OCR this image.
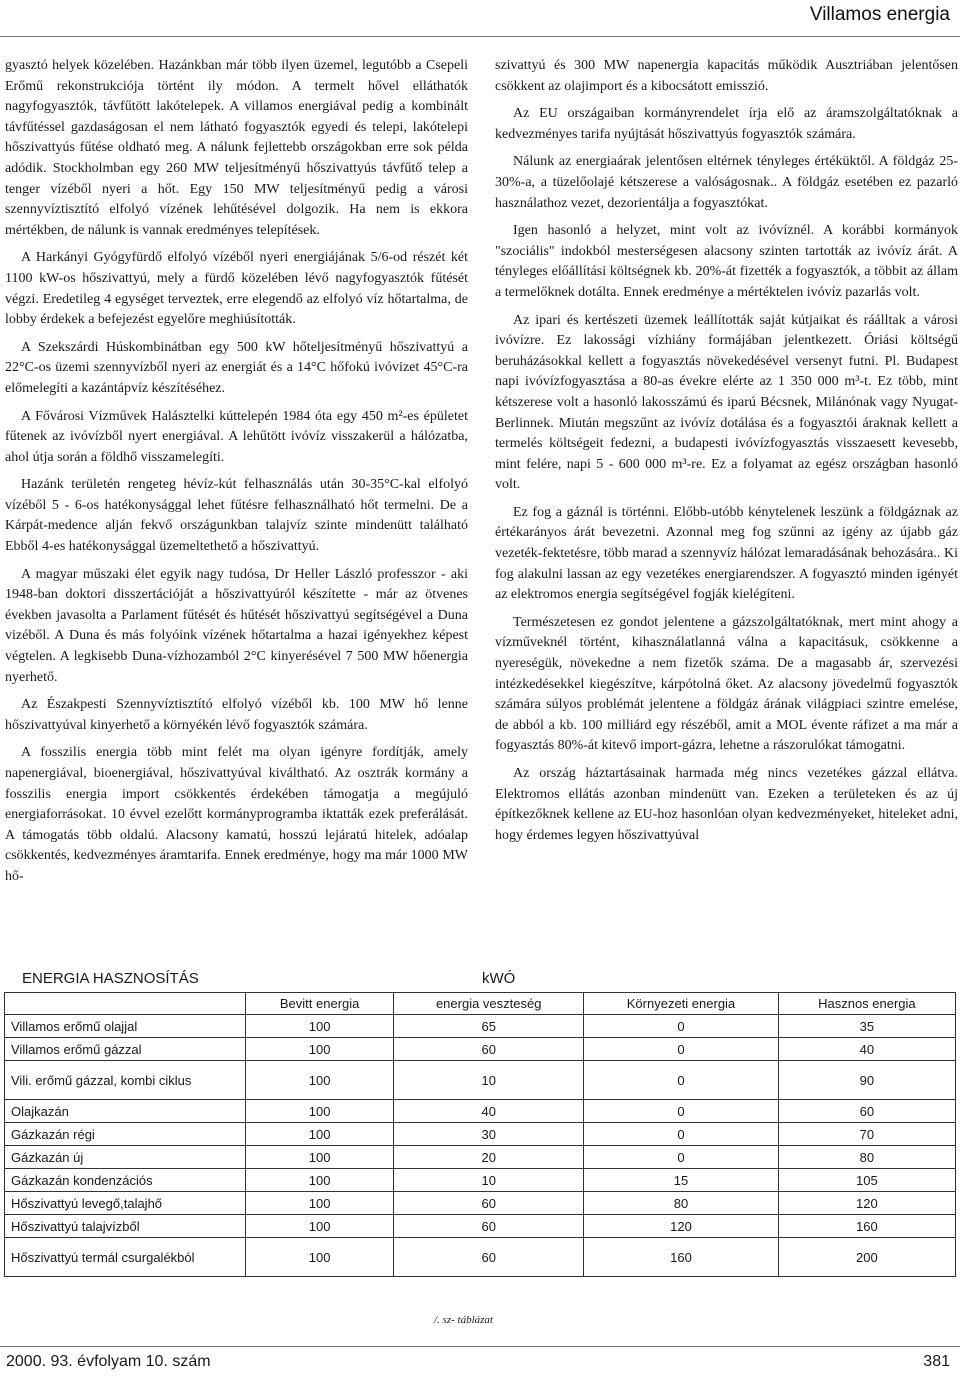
Villamos energia

gyasztó helyek közelében. Hazánkban már több ilyen üzemel, legutóbb a Csepeli Erőmű rekonstrukciója történt ily módon. A termelt hővel elláthatók nagyfogyasztók, távfűtött lakótelepek. A villamos energiával pedig a kombinált távfűtéssel gazdaságosan el nem látható fogyasztók egyedi és telepi, lakótelepi hőszivattyús fűtése oldható meg. A nálunk fejlettebb országokban erre sok példa adódik. Stockholmban egy 260 MW teljesítményű hőszivattyús távfűtő telep a tenger vízéből nyeri a hőt. Egy 150 MW teljesítményű pedig a városi szennyvíztisztító elfolyó vízének lehűtésével dolgozik. Ha nem is ekkora mértékben, de nálunk is vannak eredményes telepítések.

A Harkányi Gyógyfürdő elfolyó vízéből nyeri energiájának 5/6-od részét két 1100 kW-os hőszivattyú, mely a fürdő közelében lévő nagyfogyasztók fűtését végzi. Eredetileg 4 egységet terveztek, erre elegendő az elfolyó víz hőtartalma, de lobby érdekek a befejezést egyelőre meghiúsították.

A Szekszárdi Húskombinátban egy 500 kW hőteljesítményű hőszivattyú a 22°C-os üzemi szennyvízből nyeri az energiát és a 14°C hőfokú ivóvizet 45°C-ra előmelegíti a kazántápvíz készítéséhez.

A Fővárosi Vízművek Halásztelki kúttelepén 1984 óta egy 450 m²-es épületet fűtenek az ivóvízből nyert energiával. A lehűtött ivóvíz visszakerül a hálózatba, ahol útja során a földhő visszamelegíti.

Hazánk területén rengeteg hévíz-kút felhasználás után 30-35°C-kal elfolyó vízéből 5 - 6-os hatékonysággal lehet fűtésre felhasználható hőt termelni. De a Kárpát-medence alján fekvő országunkban talajvíz szinte mindenütt található Ebből 4-es hatékonysággal üzemeltethető a hőszivattyú.

A magyar műszaki élet egyik nagy tudósa, Dr Heller László professzor - aki 1948-ban doktori disszertációját a hőszivattyúról készítette - már az ötvenes években javasolta a Parlament fűtését és hűtését hőszivattyú segítségével a Duna vizéből. A Duna és más folyóink vízének hőtartalma a hazai igényekhez képest végtelen. A legkisebb Duna-vízhozamból 2°C kinyerésével 7 500 MW hőenergia nyerhető.

Az Északpesti Szennyvíztisztító elfolyó vízéből kb. 100 MW hő lenne hőszivattyúval kinyerhető a környékén lévő fogyasztók számára.

A fosszilis energia több mint felét ma olyan igényre fordítják, amely napenergiával, bioenergiával, hőszivattyúval kiváltható. Az osztrák kormány a fosszilis energia import csökkentés érdekében támogatja a megújuló energiaforrásokat. 10 évvel ezelőtt kormányprogramba iktatták ezek preferálását. A támogatás több oldalú. Alacsony kamatú, hosszú lejáratú hitelek, adóalap csökkentés, kedvezményes áramtarifa. Ennek eredménye, hogy ma már 1000 MW hő-

szivattyú és 300 MW napenergia kapacitás működik Ausztriában jelentősen csökkent az olajimport és a kibocsátott emisszió.

Az EU országaiban kormányrendelet írja elő az áramszolgáltatóknak a kedvezményes tarifa nyújtását hőszivattyús fogyasztók számára.

Nálunk az energiaárak jelentősen eltérnek tényleges értéküktől. A földgáz 25-30%-a, a tüzelőolajé kétszerese a valóságosnak.. A földgáz esetében ez pazarló használathoz vezet, dezorientálja a fogyasztókat.

Igen hasonló a helyzet, mint volt az ivóvíznél. A korábbi kormányok "szociális" indokból mesterségesen alacsony szinten tartották az ivóvíz árát. A tényleges előállítási költségnek kb. 20%-át fizették a fogyasztók, a többit az állam a termelőknek dotálta. Ennek eredménye a mértéktelen ivóvíz pazarlás volt.

Az ipari és kertészeti üzemek leállították saját kútjaikat és ráálltak a városi ivóvízre. Ez lakossági vízhiány formájában jelentkezett. Óriási költségű beruházásokkal kellett a fogyasztás növekedésével versenyt futni. Pl. Budapest napi ivóvízfogyasztása a 80-as évekre elérte az 1 350 000 m³-t. Ez több, mint kétszerese volt a hasonló lakosszámú és iparú Bécsnek, Milánónak vagy Nyugat-Berlinnek. Miután megszűnt az ivóvíz dotálása és a fogyasztói áraknak kellett a termelés költségeit fedezni, a budapesti ivóvízfogyasztás visszaesett kevesebb, mint felére, napi 5 - 600 000 m³-re. Ez a folyamat az egész országban hasonló volt.

Ez fog a gáznál is történni. Előbb-utóbb kénytelenek leszünk a földgáznak az értékarányos árát bevezetni. Azonnal meg fog szűnni az igény az újabb gáz vezeték-fektetésre, több marad a szennyvíz hálózat lemaradásának behozására.. Ki fog alakulni lassan az egy vezetékes energiarendszer. A fogyasztó minden igényét az elektromos energia segítségével fogják kielégíteni.

Természetesen ez gondot jelentene a gázszolgáltatóknak, mert mint ahogy a vízműveknél történt, kihasználatlanná válna a kapacitásuk, csökkenne a nyereségük, növekedne a nem fizetők száma. De a magasabb ár, szervezési intézkedésekkel kiegészítve, kárpótolná őket. Az alacsony jövedelmű fogyasztók számára súlyos problémát jelentene a földgáz árának világpiaci szintre emelése, de abból a kb. 100 milliárd egy részéből, amit a MOL évente ráfizet a ma már a fogyasztás 80%-át kitevő import-gázra, lehetne a rászorulókat támogatni.

Az ország háztartásainak harmada még nincs vezetékes gázzal ellátva. Elektromos ellátás azonban mindenütt van. Ezeken a területeken és az új építkezőknek kellene az EU-hoz hasonlóan olyan kedvezményeket, hiteleket adni, hogy érdemes legyen hőszivattyúval

ENERGIA HASZNOSÍTÁS	kWÓ
	Bevitt energia	energia veszteség	Környezeti energia	Hasznos energia
Villamos erőmű olajjal	100	65	0	35
Villamos erőmű gázzal	100	60	0	40
Vili. erőmű gázzal, kombi ciklus	100	10	0	90
Olajkazán	100	40	0	60
Gázkazán régi	100	30	0	70
Gázkazán új	100	20	0	80
Gázkazán kondenzációs	100	10	15	105
Hőszivattyú levegő,talajhő	100	60	80	120
Hőszivattyú talajvízből	100	60	120	160
Hőszivattyú termál csurgalékból	100	60	160	200
/. sz- táblázat
2000. 93. évfolyam 10. szám	381
